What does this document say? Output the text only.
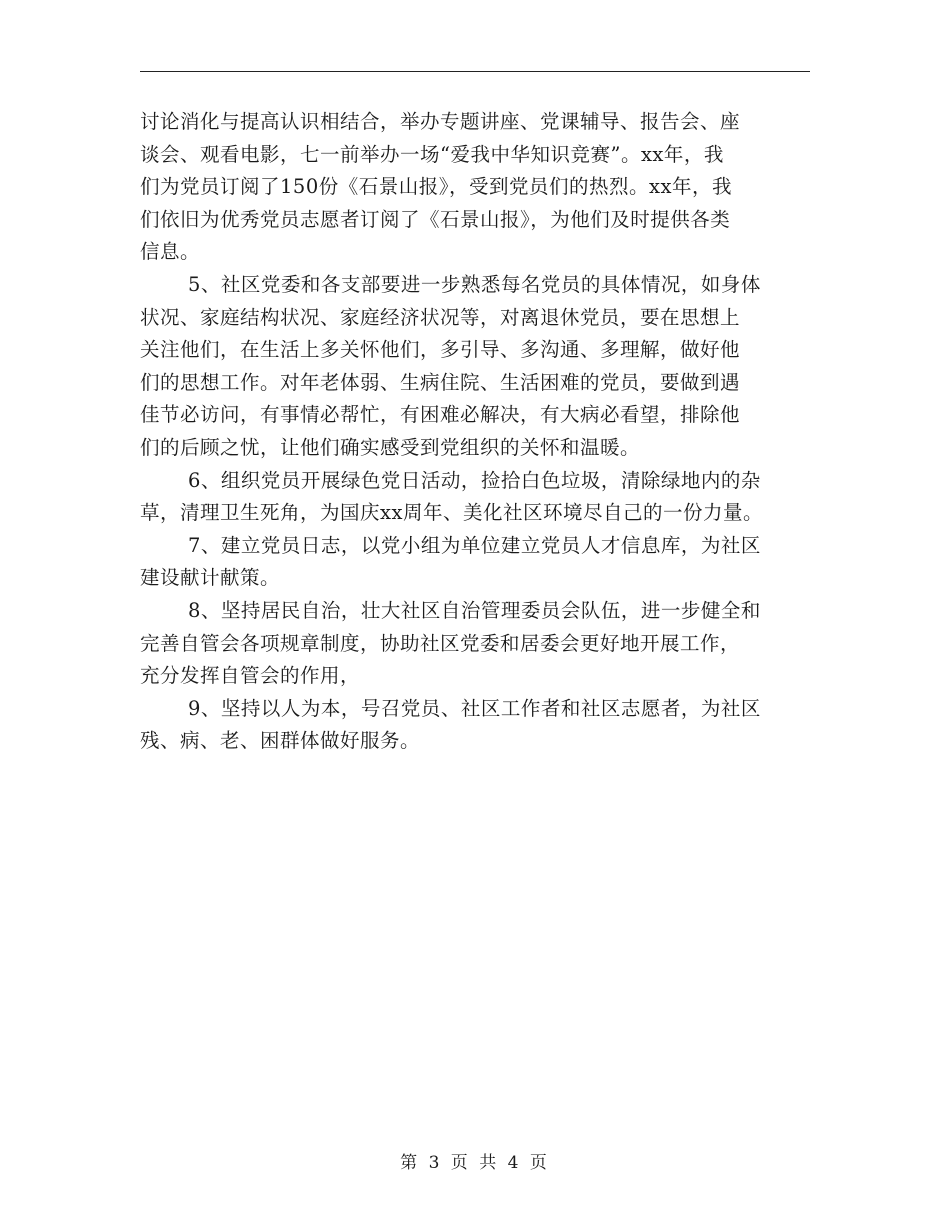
讨论消化与提高认识相结合，举办专题讲座、党课辅导、报告会、座
谈会、观看电影，七一前举办一场“爱我中华知识竞赛”。xx年，我
们为党员订阅了150份《石景山报》，受到党员们的热烈。xx年，我
们依旧为优秀党员志愿者订阅了《石景山报》，为他们及时提供各类
信息。
5、社区党委和各支部要进一步熟悉每名党员的具体情况，如身体
状况、家庭结构状况、家庭经济状况等，对离退休党员，要在思想上
关注他们，在生活上多关怀他们，多引导、多沟通、多理解，做好他
们的思想工作。对年老体弱、生病住院、生活困难的党员，要做到遇
佳节必访问，有事情必帮忙，有困难必解决，有大病必看望，排除他
们的后顾之忧，让他们确实感受到党组织的关怀和温暖。
6、组织党员开展绿色党日活动，捡拾白色垃圾，清除绿地内的杂
草，清理卫生死角，为国庆xx周年、美化社区环境尽自己的一份力量。
7、建立党员日志，以党小组为单位建立党员人才信息库，为社区
建设献计献策。
8、坚持居民自治，壮大社区自治管理委员会队伍，进一步健全和
完善自管会各项规章制度，协助社区党委和居委会更好地开展工作，
充分发挥自管会的作用，
9、坚持以人为本，号召党员、社区工作者和社区志愿者，为社区
残、病、老、困群体做好服务。
第 3 页 共 4 页
